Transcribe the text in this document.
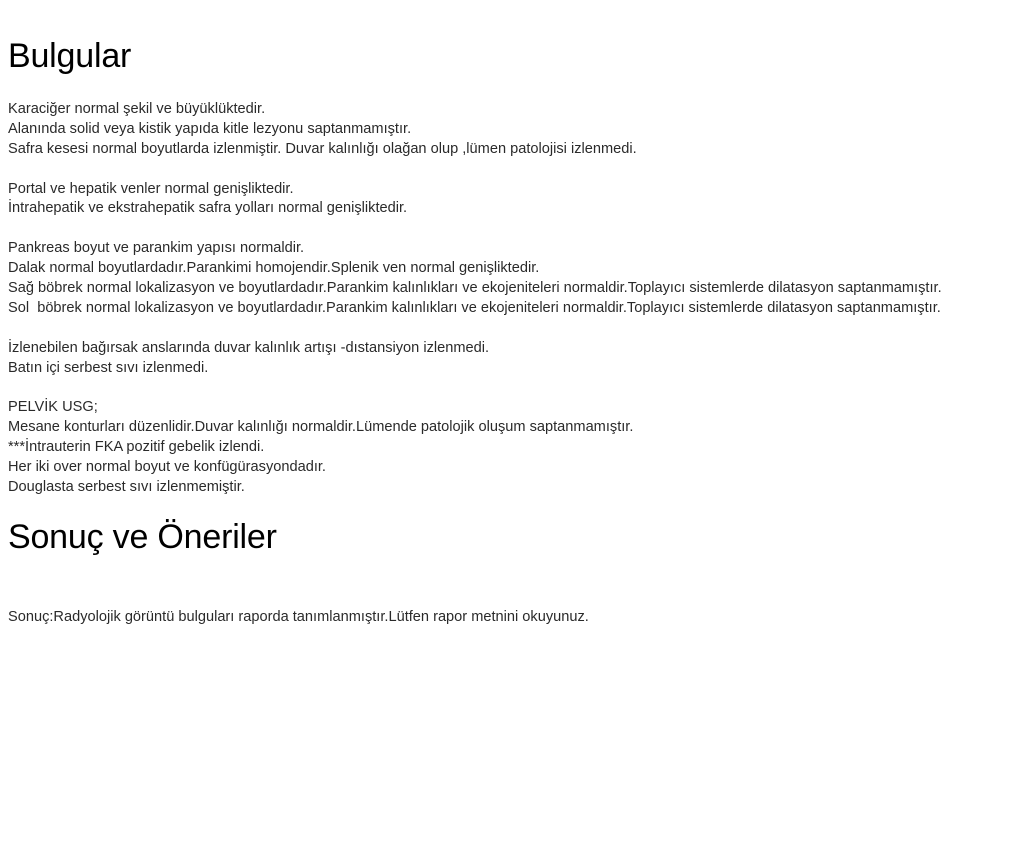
Bulgular
Karaciğer normal şekil ve büyüklüktedir.
Alanında solid veya kistik yapıda kitle lezyonu saptanmamıştır.
Safra kesesi normal boyutlarda izlenmiştir. Duvar kalınlığı olağan olup ,lümen patolojisi izlenmedi.
Portal ve hepatik venler normal genişliktedir.
İntrahepatik ve ekstrahepatik safra yolları normal genişliktedir.
Pankreas boyut ve parankim yapısı normaldir.
Dalak normal boyutlardadır.Parankimi homojendir.Splenik ven normal genişliktedir.
Sağ böbrek normal lokalizasyon ve boyutlardadır.Parankim kalınlıkları ve ekojeniteleri normaldir.Toplayıcı sistemlerde dilatasyon saptanmamıştır.
Sol  böbrek normal lokalizasyon ve boyutlardadır.Parankim kalınlıkları ve ekojeniteleri normaldir.Toplayıcı sistemlerde dilatasyon saptanmamıştır.
İzlenebilen bağırsak anslarında duvar kalınlık artışı -dıstansiyon izlenmedi.
Batın içi serbest sıvı izlenmedi.
PELVİK USG;
Mesane konturları düzenlidir.Duvar kalınlığı normaldir.Lümende patolojik oluşum saptanmamıştır.
***İntrauterin FKA pozitif gebelik izlendi.
Her iki over normal boyut ve konfügürasyondadır.
Douglasta serbest sıvı izlenmemiştir.
Sonuç ve Öneriler
Sonuç:Radyolojik görüntü bulguları raporda tanımlanmıştır.Lütfen rapor metnini okuyunuz.
